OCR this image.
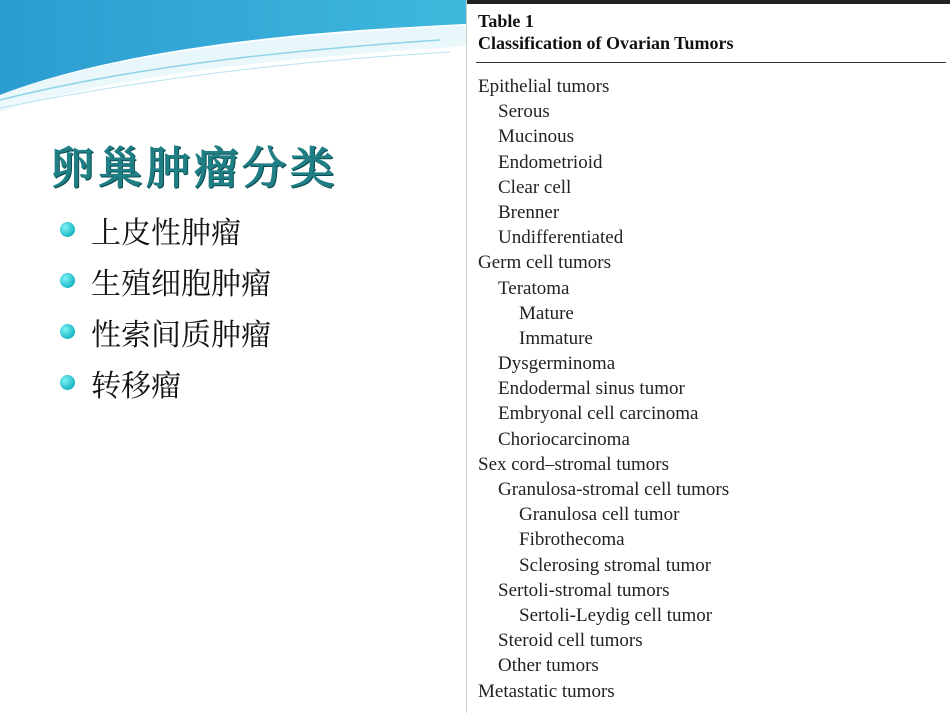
卵巢肿瘤分类
上皮性肿瘤
生殖细胞肿瘤
性索间质肿瘤
转移瘤
Table 1
Classification of Ovarian Tumors
Epithelial tumors
Serous
Mucinous
Endometrioid
Clear cell
Brenner
Undifferentiated
Germ cell tumors
Teratoma
Mature
Immature
Dysgerminoma
Endodermal sinus tumor
Embryonal cell carcinoma
Choriocarcinoma
Sex cord–stromal tumors
Granulosa-stromal cell tumors
Granulosa cell tumor
Fibrothecoma
Sclerosing stromal tumor
Sertoli-stromal tumors
Sertoli-Leydig cell tumor
Steroid cell tumors
Other tumors
Metastatic tumors
